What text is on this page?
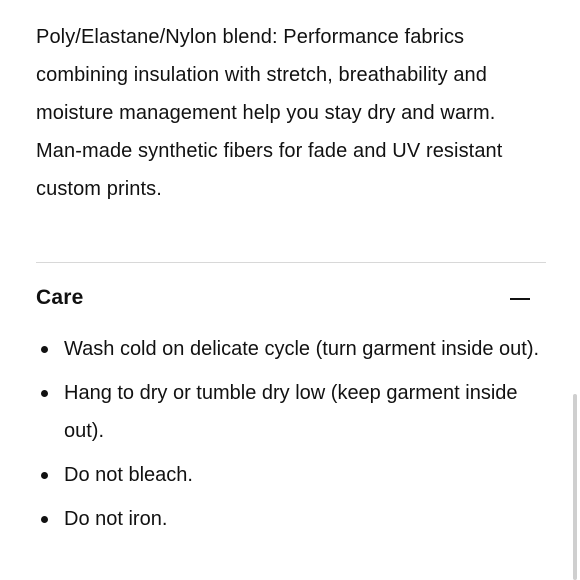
Poly/Elastane/Nylon blend: Performance fabrics combining insulation with stretch, breathability and moisture management help you stay dry and warm. Man-made synthetic fibers for fade and UV resistant custom prints.

Care
Wash cold on delicate cycle (turn garment inside out).
Hang to dry or tumble dry low (keep garment inside out).
Do not bleach.
Do not iron.
